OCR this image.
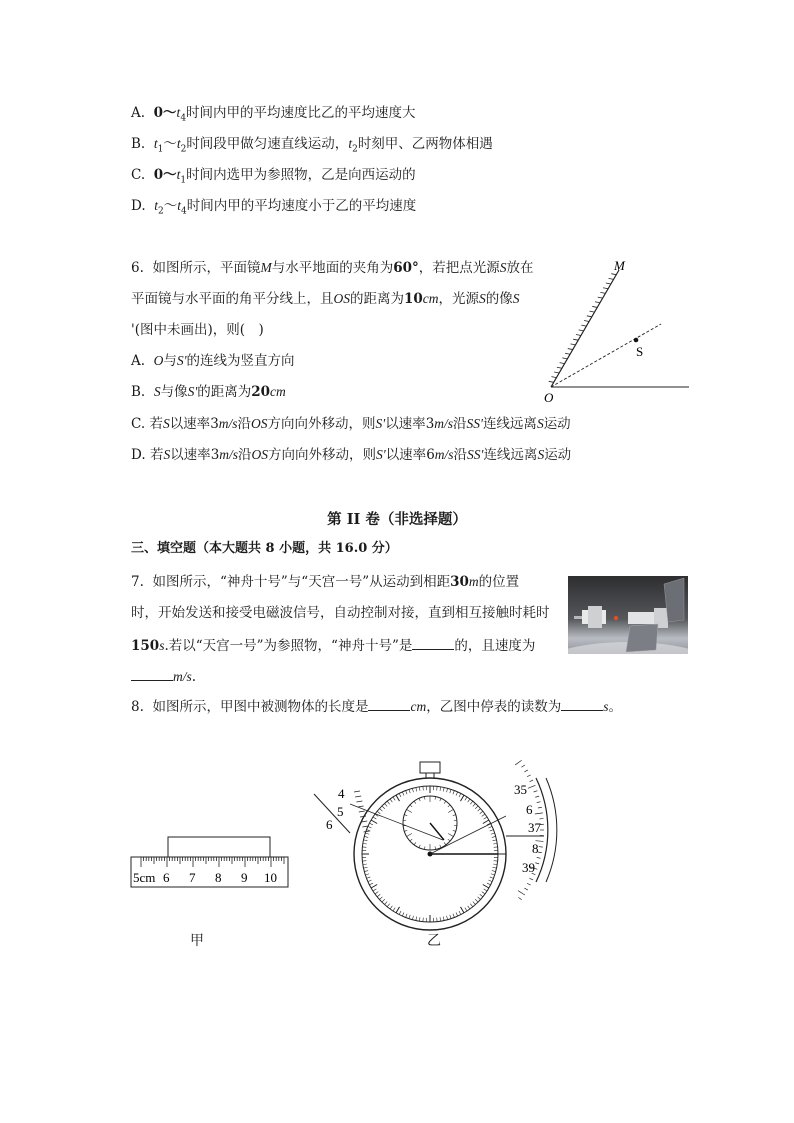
A. $0\sim t_4$时间内甲的平均速度比乙的平均速度大
B. $t_1\sim t_2$时间段甲做匀速直线运动，$t_2$时刻甲、乙两物体相遇
C. $0\sim t_1$时间内选甲为参照物，乙是向西运动的
D. $t_2\sim t_4$时间内甲的平均速度小于乙的平均速度
6. 如图所示，平面镜M与水平地面的夹角为60°，若把点光源S放在
平面镜与水平面的角平分线上，且OS的距离为10cm，光源S的像S
'(图中未画出)，则(　)
A. O与S'的连线为竖直方向
B. S与像S'的距离为20cm
C. 若S以速率3m/s沿OS方向向外移动，则S'以速率3m/s沿SS'连线远离S运动
D. 若S以速率3m/s沿OS方向向外移动，则S'以速率6m/s沿SS'连线远离S运动
M
O
S
第 II 卷（非选择题）
三、填空题（本大题共 8 小题，共 16.0 分）
7. 如图所示，“神舟十号”与“天宫一号”从运动到相距30m的位置
时，开始发送和接受电磁波信号，自动控制对接，直到相互接触时耗时
150s.若以“天宫一号”为参照物，“神舟十号”是	的，且速度为
m/s.
8. 如图所示，甲图中被测物体的长度是	cm，乙图中停表的读数为	s。
5cm 6 7 8 9 10
甲
4
5
6
35
6
37
8
39
乙
